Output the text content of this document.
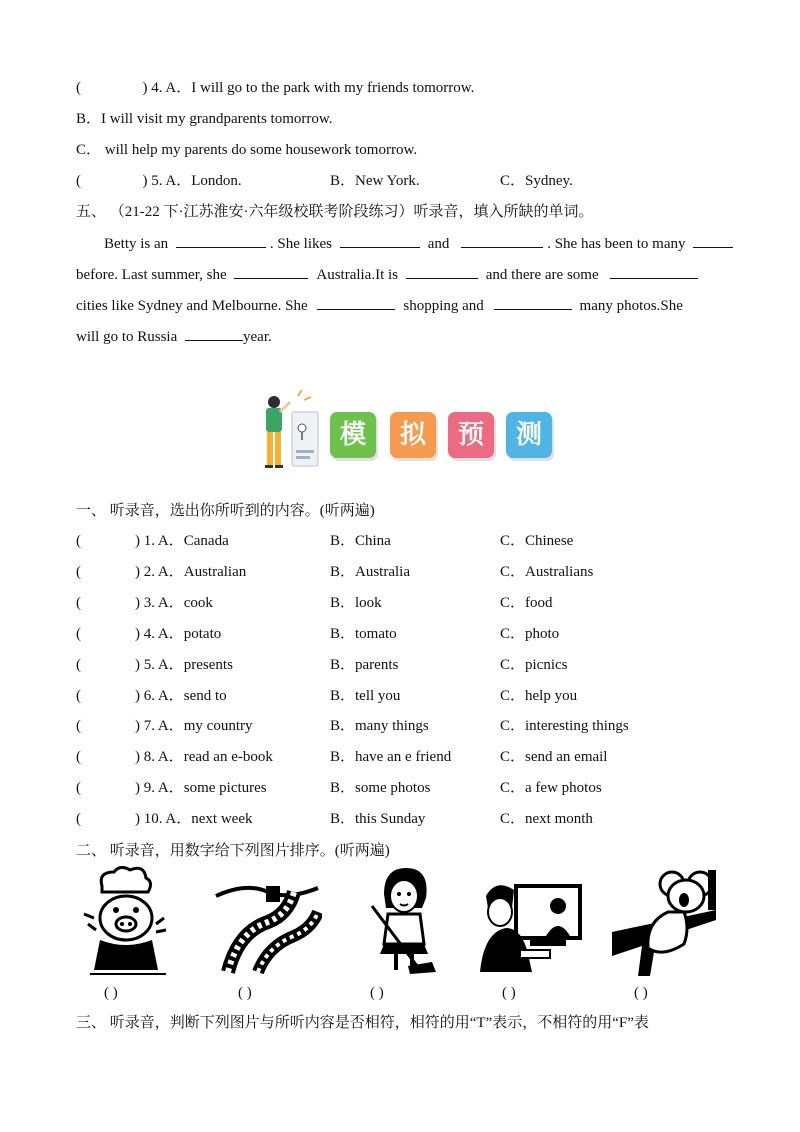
(	) 4. A．I will go to the park with my friends tomorrow.
B．I will visit my grandparents tomorrow.
C． will help my parents do some housework tomorrow.
(	) 5. A．London.	B．New York.	C．Sydney.
五、 （21-22 下·江苏淮安·六年级校联考阶段练习）听录音，填入所缺的单词。
Betty is an	. She likes	and	. She has been to many
before. Last summer, she	Australia.It is	and there are some
cities like Sydney and Melbourne. She	shopping and	many photos.She
will go to Russia	year.
模	拟	预	测
一、 听录音，选出你所听到的内容。(听两遍)
(	) 1. A．Canada	B．China	C．Chinese
(	) 2. A．Australian	B．Australia	C．Australians
(	) 3. A．cook	B．look	C．food
(	) 4. A．potato	B．tomato	C．photo
(	) 5. A．presents	B．parents	C．picnics
(	) 6. A．send to	B．tell you	C．help you
(	) 7. A．my country	B．many things	C．interesting things
(	) 8. A．read an e-book	B．have an e friend	C．send an email
(	) 9. A．some pictures	B．some photos	C．a few photos
(	) 10. A．next week	B．this Sunday	C．next month
二、 听录音，用数字给下列图片排序。(听两遍)
( )	( )	( )	( )	( )
三、 听录音，判断下列图片与所听内容是否相符，相符的用“T”表示，不相符的用“F”表
